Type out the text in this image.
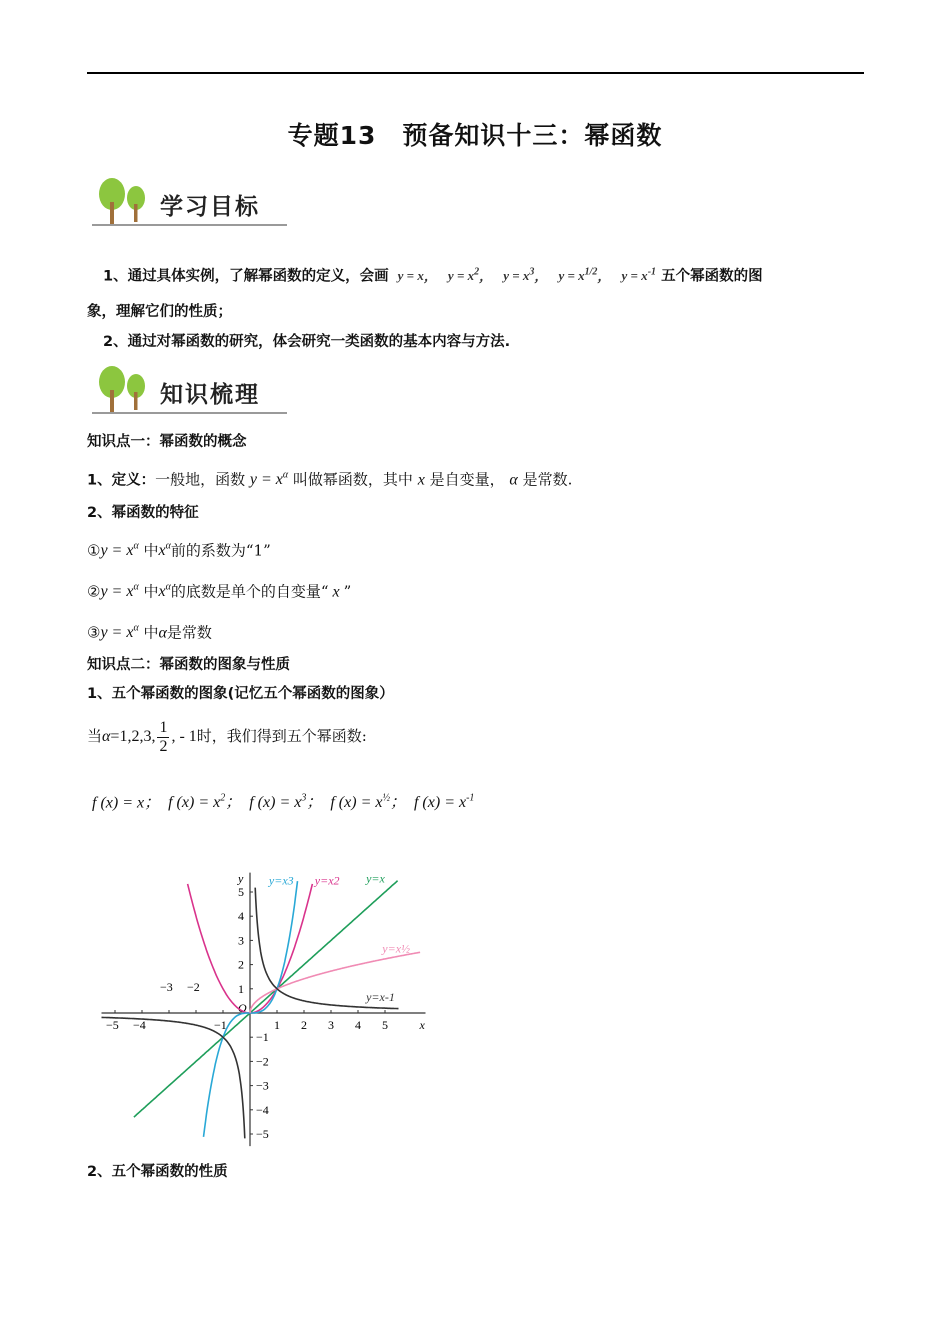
专题13　预备知识十三：幂函数
学习目标
1、通过具体实例，了解幂函数的定义，会画 y = x， $y = x^2$， $y = x^3$， $y = x^{1/2}$， $y = x^{-1}$ 五个幂函数的图
象，理解它们的性质；
2、通过对幂函数的研究，体会研究一类函数的基本内容与方法.
知识梳理
知识点一：幂函数的概念
1、定义：一般地，函数 $y = x^\alpha$ 叫做幂函数，其中 x 是自变量， α 是常数.
2、幂函数的特征
①y = $x^\alpha$ 中$x^\alpha$前的系数为“1”
②y = $x^\alpha$ 中$x^\alpha$的底数是单个的自变量“ x ”
③y = $x^\alpha$ 中α是常数
知识点二：幂函数的图象与性质
1、五个幂函数的图象(记忆五个幂函数的图象）
当α=1,2,3, $\frac{1}{2}$ , - 1时，我们得到五个幂函数:
f (x) = x； f $(x) = x^2$； f $(x) = x^3$； f $(x) = x^{\frac{1}{2}}$； f $(x) = x^{-1}$
x
y
O
−5 −4
−3 −2
−1	1 2 3 4 5
−5
−4
−3
−2
−1
1
2
3
4
5
y=x
y=x2
y=x3
y=x½
y=x-1
2、五个幂函数的性质
